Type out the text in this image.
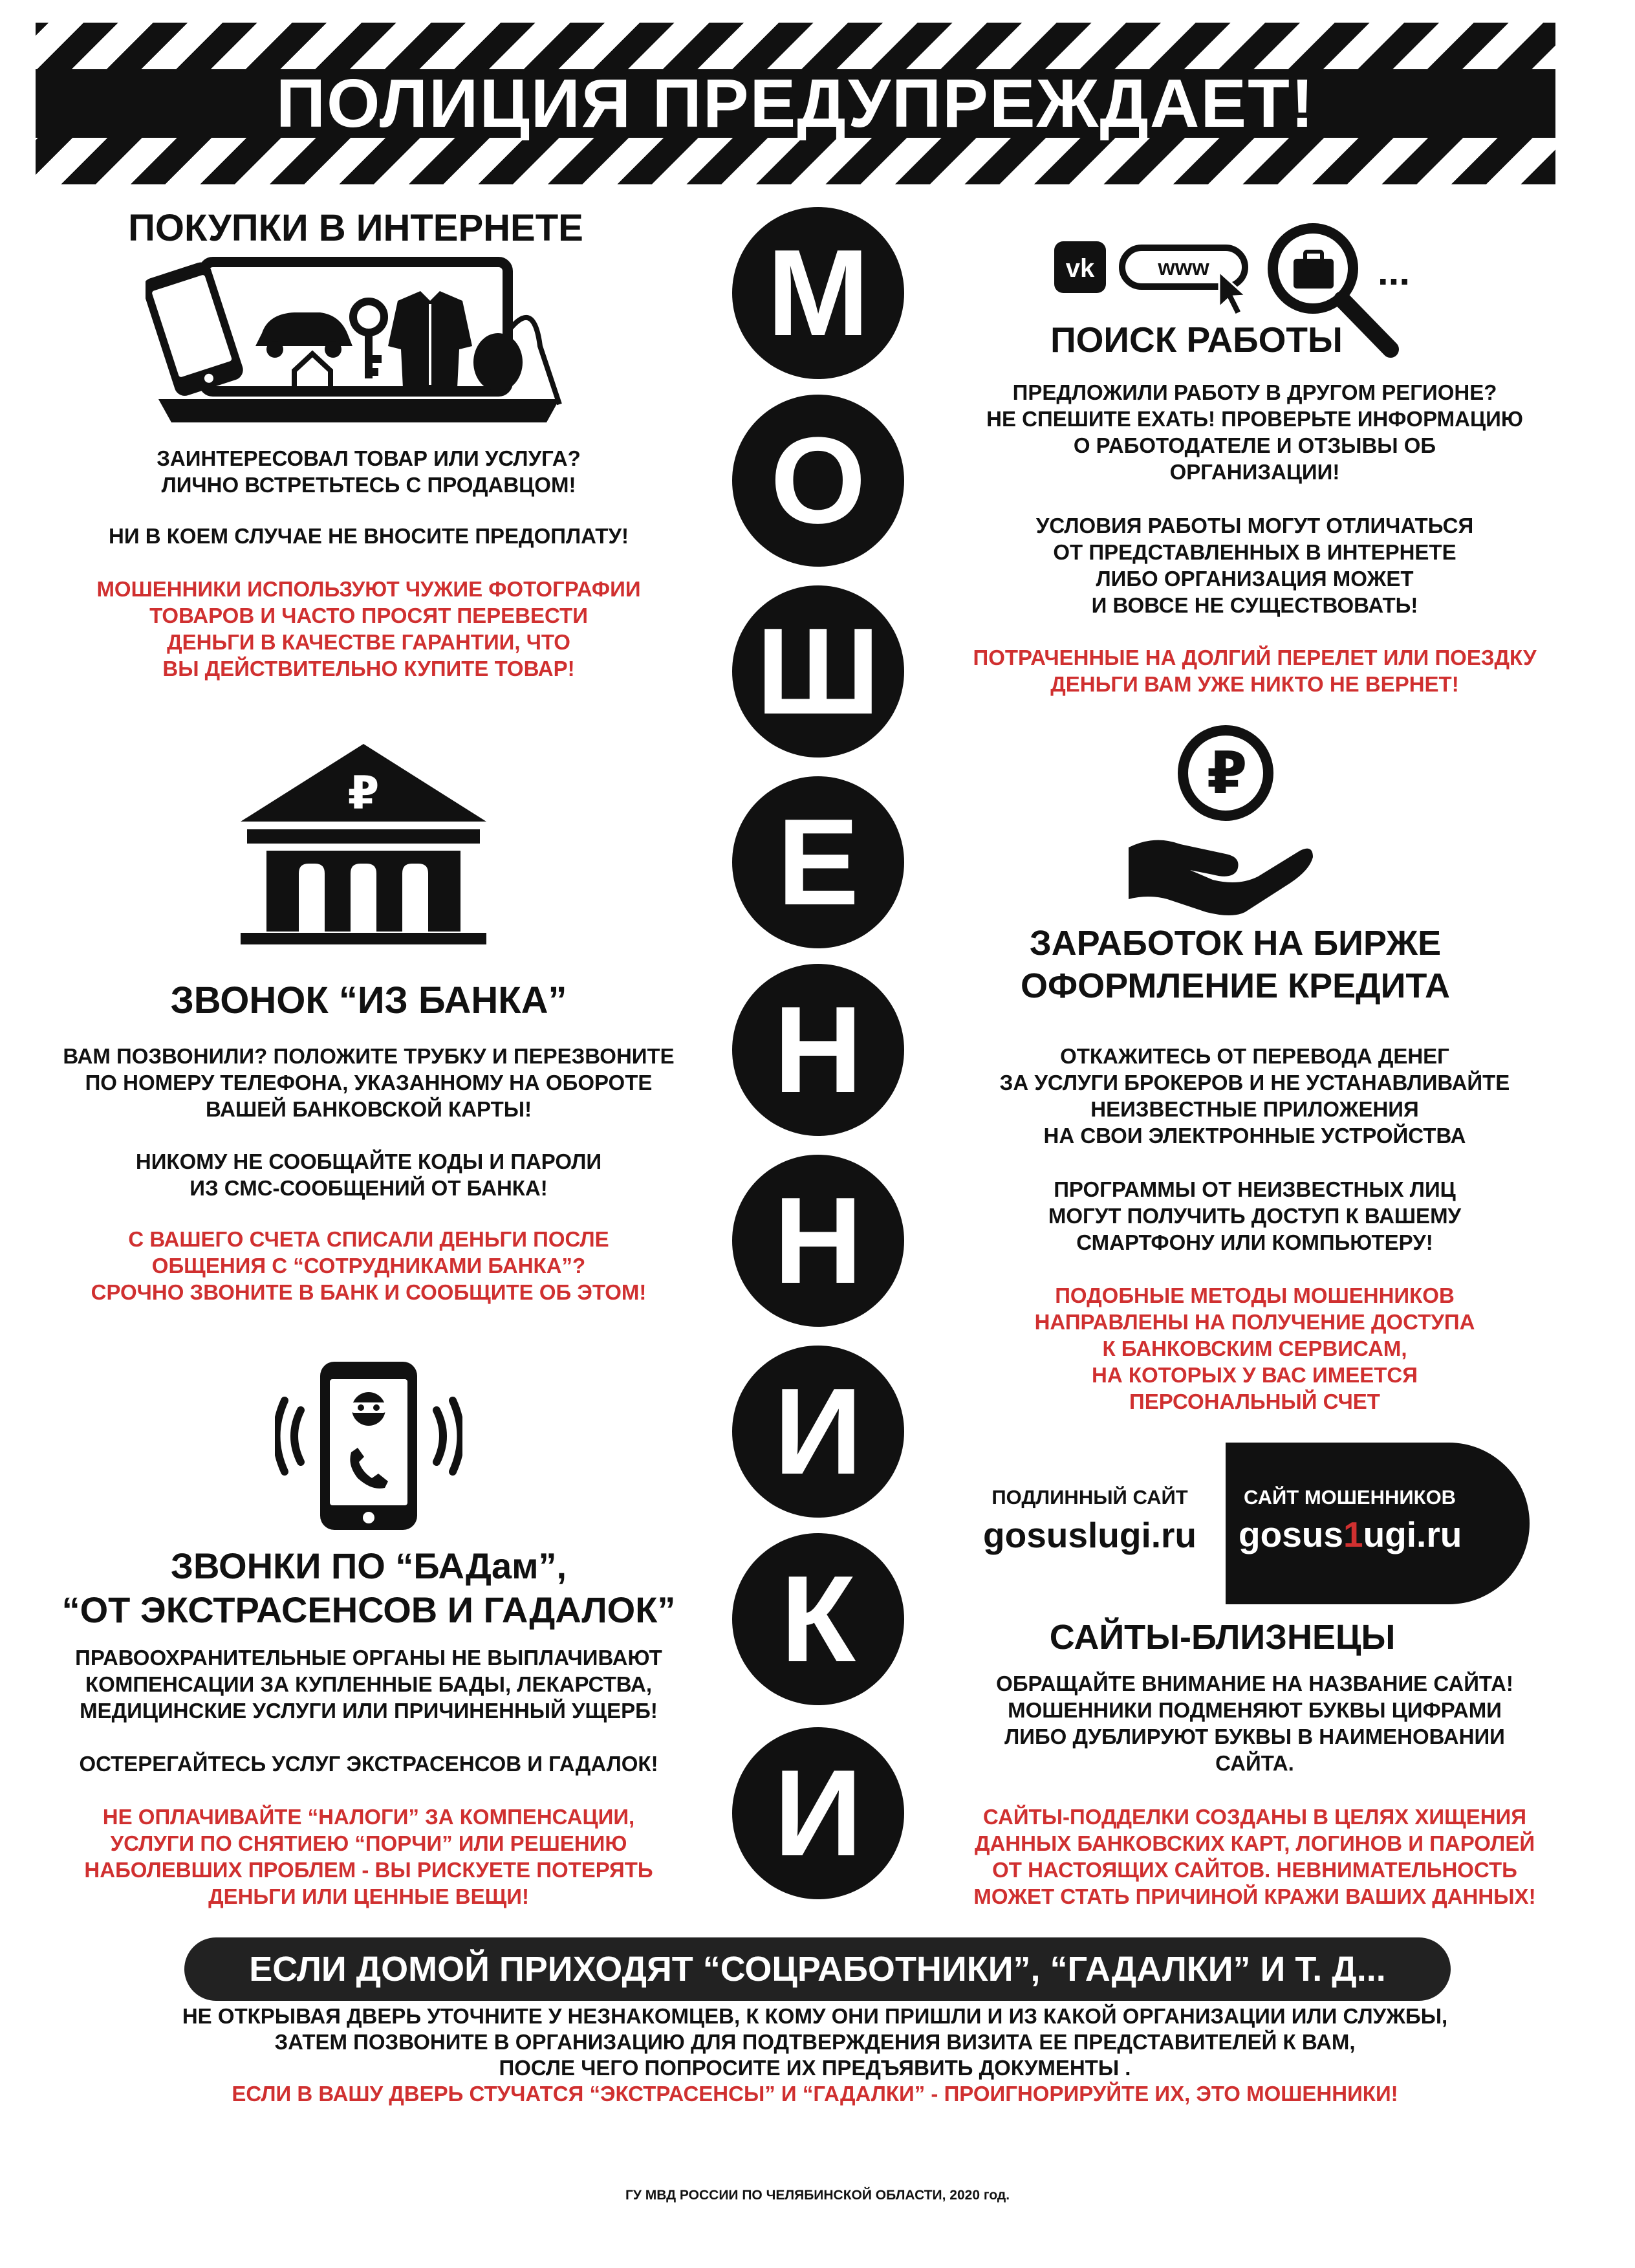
ПОЛИЦИЯ ПРЕДУПРЕЖДАЕТ!
М
О
Ш
Е
Н
Н
И
К
И
ПОКУПКИ В ИНТЕРНЕТЕ
ЗАИНТЕРЕСОВАЛ ТОВАР ИЛИ УСЛУГА?
ЛИЧНО ВСТРЕТЬТЕСЬ С ПРОДАВЦОМ!
НИ В КОЕМ СЛУЧАЕ НЕ ВНОСИТЕ ПРЕДОПЛАТУ!
МОШЕННИКИ ИСПОЛЬЗУЮТ ЧУЖИЕ ФОТОГРАФИИ
ТОВАРОВ И ЧАСТО ПРОСЯТ ПЕРЕВЕСТИ
ДЕНЬГИ В КАЧЕСТВЕ ГАРАНТИИ, ЧТО
ВЫ ДЕЙСТВИТЕЛЬНО КУПИТЕ ТОВАР!
vk	www	...
ПОИСК РАБОТЫ
ПРЕДЛОЖИЛИ РАБОТУ В ДРУГОМ РЕГИОНЕ?
НЕ СПЕШИТЕ ЕХАТЬ! ПРОВЕРЬТЕ ИНФОРМАЦИЮ
О РАБОТОДАТЕЛЕ И ОТЗЫВЫ ОБ
ОРГАНИЗАЦИИ!
УСЛОВИЯ РАБОТЫ МОГУТ ОТЛИЧАТЬСЯ
ОТ ПРЕДСТАВЛЕННЫХ В ИНТЕРНЕТЕ
ЛИБО ОРГАНИЗАЦИЯ МОЖЕТ
И ВОВСЕ НЕ СУЩЕСТВОВАТЬ!
ПОТРАЧЕННЫЕ НА ДОЛГИЙ ПЕРЕЛЕТ ИЛИ ПОЕЗДКУ
ДЕНЬГИ ВАМ УЖЕ НИКТО НЕ ВЕРНЕТ!
₽
ЗВОНОК “ИЗ БАНКА”
ВАМ ПОЗВОНИЛИ? ПОЛОЖИТЕ ТРУБКУ И ПЕРЕЗВОНИТЕ
ПО НОМЕРУ ТЕЛЕФОНА, УКАЗАННОМУ НА ОБОРОТЕ
ВАШЕЙ БАНКОВСКОЙ КАРТЫ!
НИКОМУ НЕ СООБЩАЙТЕ КОДЫ И ПАРОЛИ
ИЗ СМС-СООБЩЕНИЙ ОТ БАНКА!
С ВАШЕГО СЧЕТА СПИСАЛИ ДЕНЬГИ ПОСЛЕ
ОБЩЕНИЯ С “СОТРУДНИКАМИ БАНКА”?
СРОЧНО ЗВОНИТЕ В БАНК И СООБЩИТЕ ОБ ЭТОМ!
₽
ЗАРАБОТОК НА БИРЖЕ
ОФОРМЛЕНИЕ КРЕДИТА
ОТКАЖИТЕСЬ ОТ ПЕРЕВОДА ДЕНЕГ
ЗА УСЛУГИ БРОКЕРОВ И НЕ УСТАНАВЛИВАЙТЕ
НЕИЗВЕСТНЫЕ ПРИЛОЖЕНИЯ
НА СВОИ ЭЛЕКТРОННЫЕ УСТРОЙСТВА
ПРОГРАММЫ ОТ НЕИЗВЕСТНЫХ ЛИЦ
МОГУТ ПОЛУЧИТЬ ДОСТУП К ВАШЕМУ
СМАРТФОНУ ИЛИ КОМПЬЮТЕРУ!
ПОДОБНЫЕ МЕТОДЫ МОШЕННИКОВ
НАПРАВЛЕНЫ НА ПОЛУЧЕНИЕ ДОСТУПА
К БАНКОВСКИМ СЕРВИСАМ,
НА КОТОРЫХ У ВАС ИМЕЕТСЯ
ПЕРСОНАЛЬНЫЙ СЧЕТ
ЗВОНКИ ПО “БАДам”,
“ОТ ЭКСТРАСЕНСОВ И ГАДАЛОК”
ПРАВООХРАНИТЕЛЬНЫЕ ОРГАНЫ НЕ ВЫПЛАЧИВАЮТ
КОМПЕНСАЦИИ ЗА КУПЛЕННЫЕ БАДЫ, ЛЕКАРСТВА,
МЕДИЦИНСКИЕ УСЛУГИ ИЛИ ПРИЧИНЕННЫЙ УЩЕРБ!
ОСТЕРЕГАЙТЕСЬ УСЛУГ ЭКСТРАСЕНСОВ И ГАДАЛОК!
НЕ ОПЛАЧИВАЙТЕ “НАЛОГИ” ЗА КОМПЕНСАЦИИ,
УСЛУГИ ПО СНЯТИЕЮ “ПОРЧИ” ИЛИ РЕШЕНИЮ
НАБОЛЕВШИХ ПРОБЛЕМ - ВЫ РИСКУЕТЕ ПОТЕРЯТЬ
ДЕНЬГИ ИЛИ ЦЕННЫЕ ВЕЩИ!
ПОДЛИННЫЙ САЙТ
gosuslugi.ru
САЙТ МОШЕННИКОВ
gosus1ugi.ru
САЙТЫ-БЛИЗНЕЦЫ
ОБРАЩАЙТЕ ВНИМАНИЕ НА НАЗВАНИЕ САЙТА!
МОШЕННИКИ ПОДМЕНЯЮТ БУКВЫ ЦИФРАМИ
ЛИБО ДУБЛИРУЮТ БУКВЫ В НАИМЕНОВАНИИ
САЙТА.
САЙТЫ-ПОДДЕЛКИ СОЗДАНЫ В ЦЕЛЯХ ХИЩЕНИЯ
ДАННЫХ БАНКОВСКИХ КАРТ, ЛОГИНОВ И ПАРОЛЕЙ
ОТ НАСТОЯЩИХ САЙТОВ. НЕВНИМАТЕЛЬНОСТЬ
МОЖЕТ СТАТЬ ПРИЧИНОЙ КРАЖИ ВАШИХ ДАННЫХ!
ЕСЛИ ДОМОЙ ПРИХОДЯТ “СОЦРАБОТНИКИ”, “ГАДАЛКИ” И Т. Д...
НЕ ОТКРЫВАЯ ДВЕРЬ УТОЧНИТЕ У НЕЗНАКОМЦЕВ, К КОМУ ОНИ ПРИШЛИ И ИЗ КАКОЙ ОРГАНИЗАЦИИ ИЛИ СЛУЖБЫ,
ЗАТЕМ ПОЗВОНИТЕ В ОРГАНИЗАЦИЮ ДЛЯ ПОДТВЕРЖДЕНИЯ ВИЗИТА ЕЕ ПРЕДСТАВИТЕЛЕЙ К ВАМ,
ПОСЛЕ ЧЕГО ПОПРОСИТЕ ИХ ПРЕДЪЯВИТЬ ДОКУМЕНТЫ .
ЕСЛИ В ВАШУ ДВЕРЬ СТУЧАТСЯ “ЭКСТРАСЕНСЫ” И “ГАДАЛКИ” - ПРОИГНОРИРУЙТЕ ИХ, ЭТО МОШЕННИКИ!
ГУ МВД РОССИИ ПО ЧЕЛЯБИНСКОЙ ОБЛАСТИ, 2020 год.
